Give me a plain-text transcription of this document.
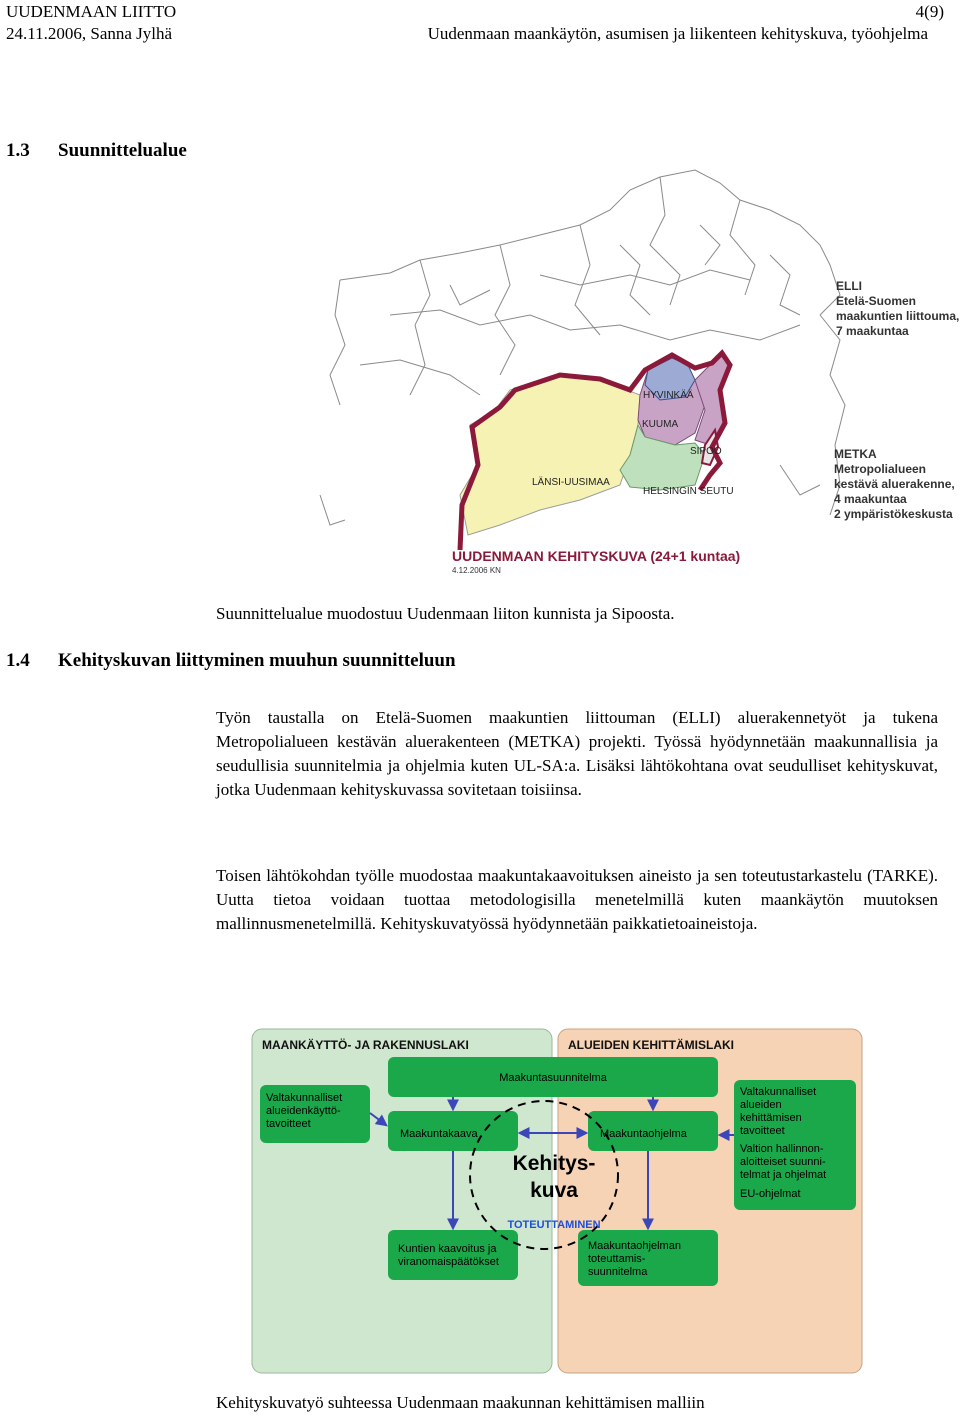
UUDENMAAN LIITTO	4(9)
24.11.2006, Sanna Jylhä	Uudenmaan maankäytön, asumisen ja liikenteen kehityskuva, työohjelma
1.3 Suunnittelualue
HYVINKÄÄ
KUUMA
SIPOO
LÄNSI-UUSIMAA
HELSINGIN SEUTU
ELLI
Etelä-Suomen
maakuntien liittouma,
7 maakuntaa
METKA
Metropolialueen
kestävä aluerakenne,
4 maakuntaa
2 ympäristökeskusta
UUDENMAAN KEHITYSKUVA (24+1 kuntaa)
4.12.2006 KN
Suunnittelualue muodostuu Uudenmaan liiton kunnista ja Sipoosta.
1.4 Kehityskuvan liittyminen muuhun suunnitteluun

Työn taustalla on Etelä-Suomen maakuntien liittouman (ELLI) aluerakennetyöt ja tukena Metropolialueen kestävän aluerakenteen (METKA) projekti. Työssä hyödynnetään maakunnallisia ja seudullisia suunnitelmia ja ohjelmia kuten UL-SA:a. Lisäksi lähtökohtana ovat seudulliset kehityskuvat, jotka Uudenmaan kehityskuvassa sovitetaan toisiinsa.

Toisen lähtökohdan työlle muodostaa maakuntakaavoituksen aineisto ja sen toteutustarkastelu (TARKE). Uutta tietoa voidaan tuottaa metodologisilla menetelmillä kuten maankäytön muutoksen mallinnusmenetelmillä. Kehityskuvatyössä hyödynnetään paikkatietoaineistoja.

MAANKÄYTTÖ- JA RAKENNUSLAKI	ALUEIDEN KEHITTÄMISLAKI
Maakuntasuunnitelma
Valtakunnalliset
alueidenkäyttö-
tavoitteet
Maakuntakaava	Maakuntaohjelma
Kuntien kaavoitus ja
viranomaispäätökset
Maakuntaohjelman
toteuttamis-
suunnitelma
Valtakunnalliset
alueiden
kehittämisen
tavoitteet
Valtion hallinnon-
aloitteiset suunni-
telmat ja ohjelmat
EU-ohjelmat
Kehitys-
kuva
TOTEUTTAMINEN
Kehityskuvatyö suhteessa Uudenmaan maakunnan kehittämisen malliin
